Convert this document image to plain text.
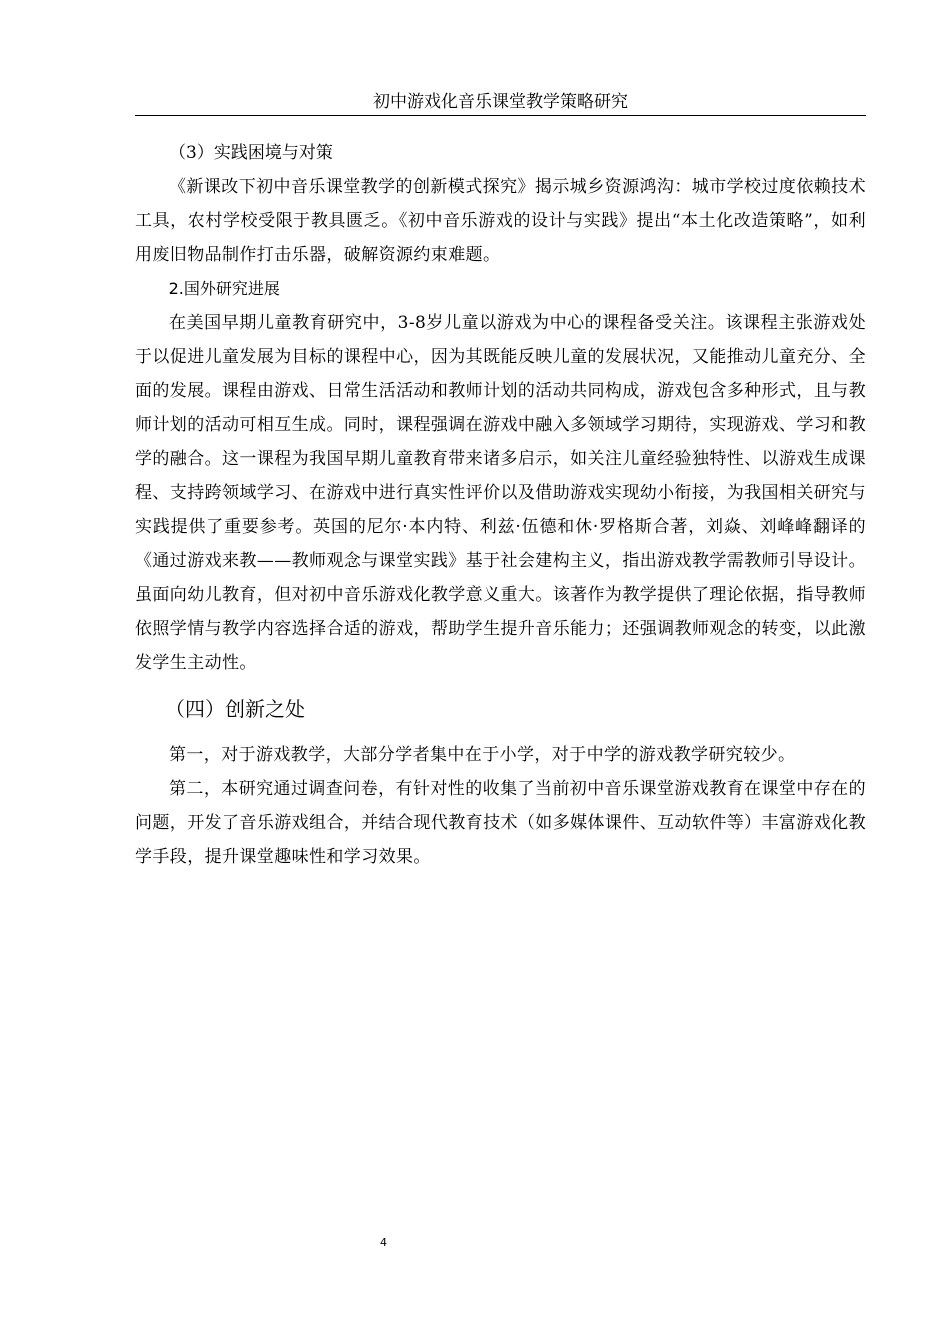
初中游戏化音乐课堂教学策略研究

（3）实践困境与对策

《新课改下初中音乐课堂教学的创新模式探究》揭示城乡资源鸿沟：城市学校过度依赖技术工具，农村学校受限于教具匮乏。《初中音乐游戏的设计与实践》提出“本土化改造策略”，如利用废旧物品制作打击乐器，破解资源约束难题。

2.国外研究进展

在美国早期儿童教育研究中，3-8岁儿童以游戏为中心的课程备受关注。该课程主张游戏处于以促进儿童发展为目标的课程中心，因为其既能反映儿童的发展状况，又能推动儿童充分、全面的发展。课程由游戏、日常生活活动和教师计划的活动共同构成，游戏包含多种形式，且与教师计划的活动可相互生成。同时，课程强调在游戏中融入多领域学习期待，实现游戏、学习和教学的融合。这一课程为我国早期儿童教育带来诸多启示，如关注儿童经验独特性、以游戏生成课程、支持跨领域学习、在游戏中进行真实性评价以及借助游戏实现幼小衔接，为我国相关研究与实践提供了重要参考。英国的尼尔·本内特、利兹·伍德和休·罗格斯合著，刘焱、刘峰峰翻译的《通过游戏来教——教师观念与课堂实践》基于社会建构主义，指出游戏教学需教师引导设计。虽面向幼儿教育，但对初中音乐游戏化教学意义重大。该著作为教学提供了理论依据，指导教师依照学情与教学内容选择合适的游戏，帮助学生提升音乐能力；还强调教师观念的转变，以此激发学生主动性。

（四）创新之处

第一，对于游戏教学，大部分学者集中在于小学，对于中学的游戏教学研究较少。

第二，本研究通过调查问卷，有针对性的收集了当前初中音乐课堂游戏教育在课堂中存在的问题，开发了音乐游戏组合，并结合现代教育技术（如多媒体课件、互动软件等）丰富游戏化教学手段，提升课堂趣味性和学习效果。

4
